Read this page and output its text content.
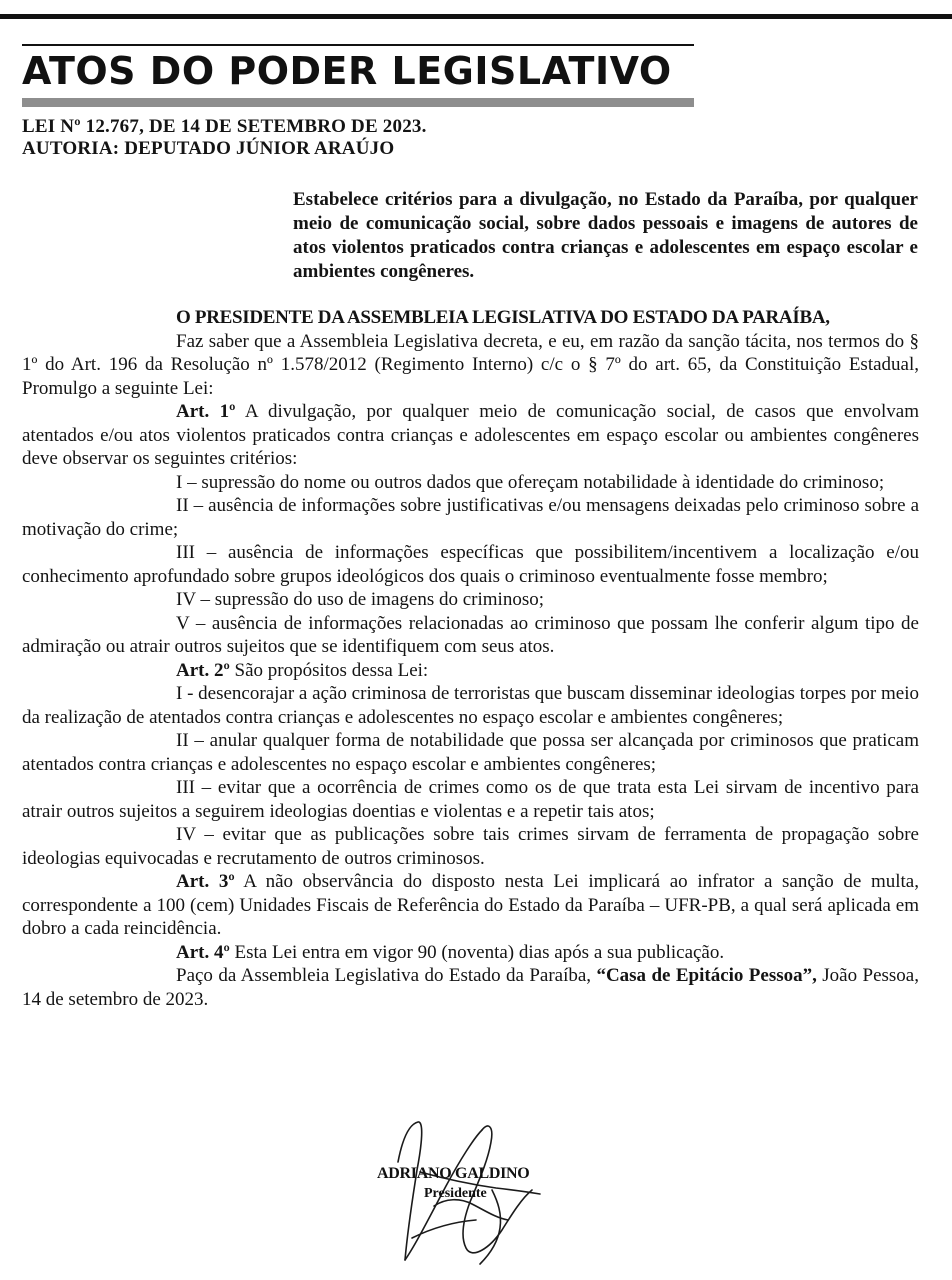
ATOS DO PODER LEGISLATIVO
LEI Nº 12.767, DE 14 DE SETEMBRO DE 2023.
AUTORIA: DEPUTADO JÚNIOR ARAÚJO
Estabelece critérios para a divulgação, no Estado da Paraíba, por qualquer meio de comunicação social, sobre dados pessoais e imagens de autores de atos violentos praticados contra crianças e adolescentes em espaço escolar e ambientes congêneres.

O PRESIDENTE DA ASSEMBLEIA LEGISLATIVA DO ESTADO DA PARAÍBA,

Faz saber que a Assembleia Legislativa decreta, e eu, em razão da sanção tácita, nos termos do § 1º do Art. 196 da Resolução nº 1.578/2012 (Regimento Interno) c/c o § 7º do art. 65, da Constituição Estadual, Promulgo a seguinte Lei:

Art. 1º A divulgação, por qualquer meio de comunicação social, de casos que envolvam atentados e/ou atos violentos praticados contra crianças e adolescentes em espaço escolar ou ambientes congêneres deve observar os seguintes critérios:

I – supressão do nome ou outros dados que ofereçam notabilidade à identidade do criminoso;

II – ausência de informações sobre justificativas e/ou mensagens deixadas pelo criminoso sobre a motivação do crime;

III – ausência de informações específicas que possibilitem/incentivem a localização e/ou conhecimento aprofundado sobre grupos ideológicos dos quais o criminoso eventualmente fosse membro;

IV – supressão do uso de imagens do criminoso;

V – ausência de informações relacionadas ao criminoso que possam lhe conferir algum tipo de admiração ou atrair outros sujeitos que se identifiquem com seus atos.

Art. 2º São propósitos dessa Lei:

I - desencorajar a ação criminosa de terroristas que buscam disseminar ideologias torpes por meio da realização de atentados contra crianças e adolescentes no espaço escolar e ambientes congêneres;

II – anular qualquer forma de notabilidade que possa ser alcançada por criminosos que praticam atentados contra crianças e adolescentes no espaço escolar e ambientes congêneres;

III – evitar que a ocorrência de crimes como os de que trata esta Lei sirvam de incentivo para atrair outros sujeitos a seguirem ideologias doentias e violentas e a repetir tais atos;

IV – evitar que as publicações sobre tais crimes sirvam de ferramenta de propagação sobre ideologias equivocadas e recrutamento de outros criminosos.

Art. 3º A não observância do disposto nesta Lei implicará ao infrator a sanção de multa, correspondente a 100 (cem) Unidades Fiscais de Referência do Estado da Paraíba – UFR-PB, a qual será aplicada em dobro a cada reincidência.

Art. 4º Esta Lei entra em vigor 90 (noventa) dias após a sua publicação.

Paço da Assembleia Legislativa do Estado da Paraíba, “Casa de Epitácio Pessoa”, João Pessoa, 14 de setembro de 2023.

ADRIANO GALDINO
Presidente
